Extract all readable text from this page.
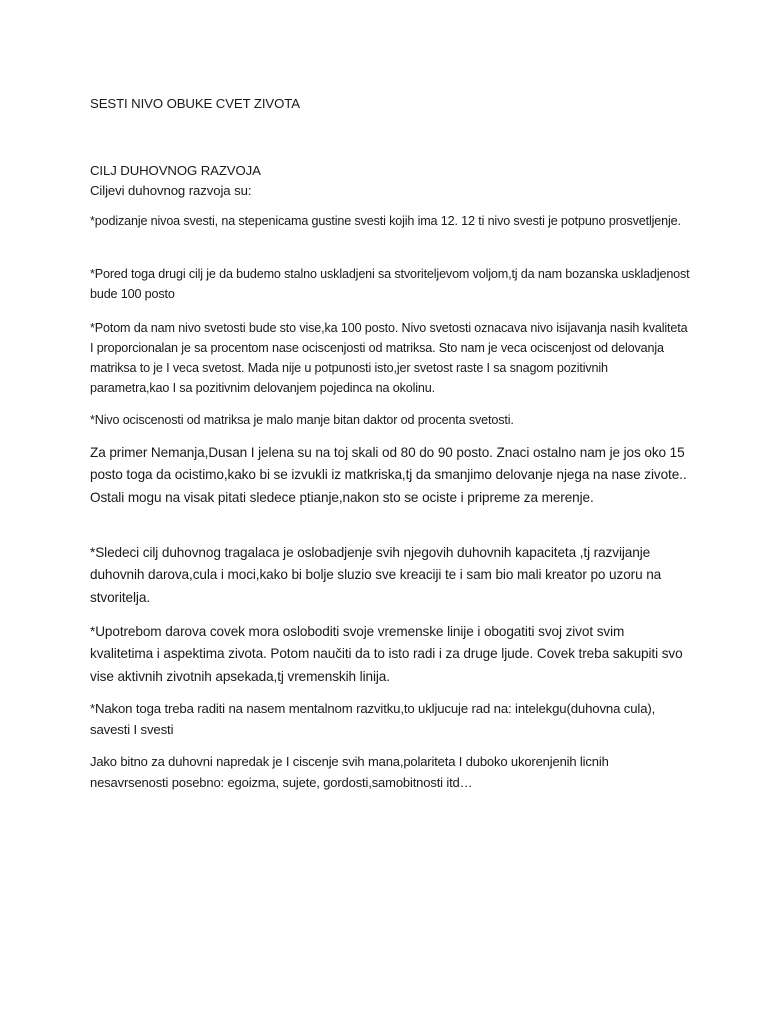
SESTI NIVO OBUKE CVET ZIVOTA
CILJ DUHOVNOG RAZVOJA
Ciljevi duhovnog razvoja su:

*podizanje nivoa svesti, na stepenicama gustine svesti kojih ima 12. 12 ti nivo svesti je potpuno prosvetljenje.

*Pored toga drugi cilj je da budemo stalno uskladjeni sa stvoriteljevom voljom,tj da nam bozanska uskladjenost bude 100 posto

*Potom da nam nivo svetosti bude sto vise,ka 100 posto. Nivo svetosti oznacava nivo isijavanja nasih kvaliteta I proporcionalan je sa procentom nase ociscenjosti od matriksa. Sto nam je veca ociscenjost od delovanja matriksa to je I veca svetost. Mada nije u potpunosti isto,jer svetost raste I sa snagom pozitivnih parametra,kao I sa pozitivnim delovanjem pojedinca na okolinu.

*Nivo ociscenosti od matriksa je malo manje bitan daktor od procenta svetosti.

Za primer Nemanja,Dusan I jelena su na toj skali od 80 do 90 posto. Znaci ostalno nam je jos oko 15 posto toga da ocistimo,kako bi se izvukli iz matkriska,tj da smanjimo delovanje njega na nase zivote.. Ostali mogu na visak pitati sledece ptianje,nakon sto se ociste i pripreme za merenje.

*Sledeci cilj duhovnog tragalaca je oslobadjenje svih njegovih duhovnih kapaciteta ,tj razvijanje duhovnih darova,cula i moci,kako bi bolje sluzio sve kreaciji te i sam bio mali kreator po uzoru na stvoritelja.

*Upotrebom darova covek mora osloboditi svoje vremenske linije i obogatiti svoj zivot svim kvalitetima i aspektima zivota. Potom naučiti da to isto radi i za druge ljude. Covek treba sakupiti svo vise aktivnih zivotnih apsekada,tj vremenskih linija.

*Nakon toga treba raditi na nasem mentalnom razvitku,to ukljucuje rad na: intelekgu(duhovna cula), savesti I svesti

Jako bitno za duhovni napredak je I ciscenje svih mana,polariteta I duboko ukorenjenih licnih nesavrsenosti posebno: egoizma, sujete, gordosti,samobitnosti itd…
